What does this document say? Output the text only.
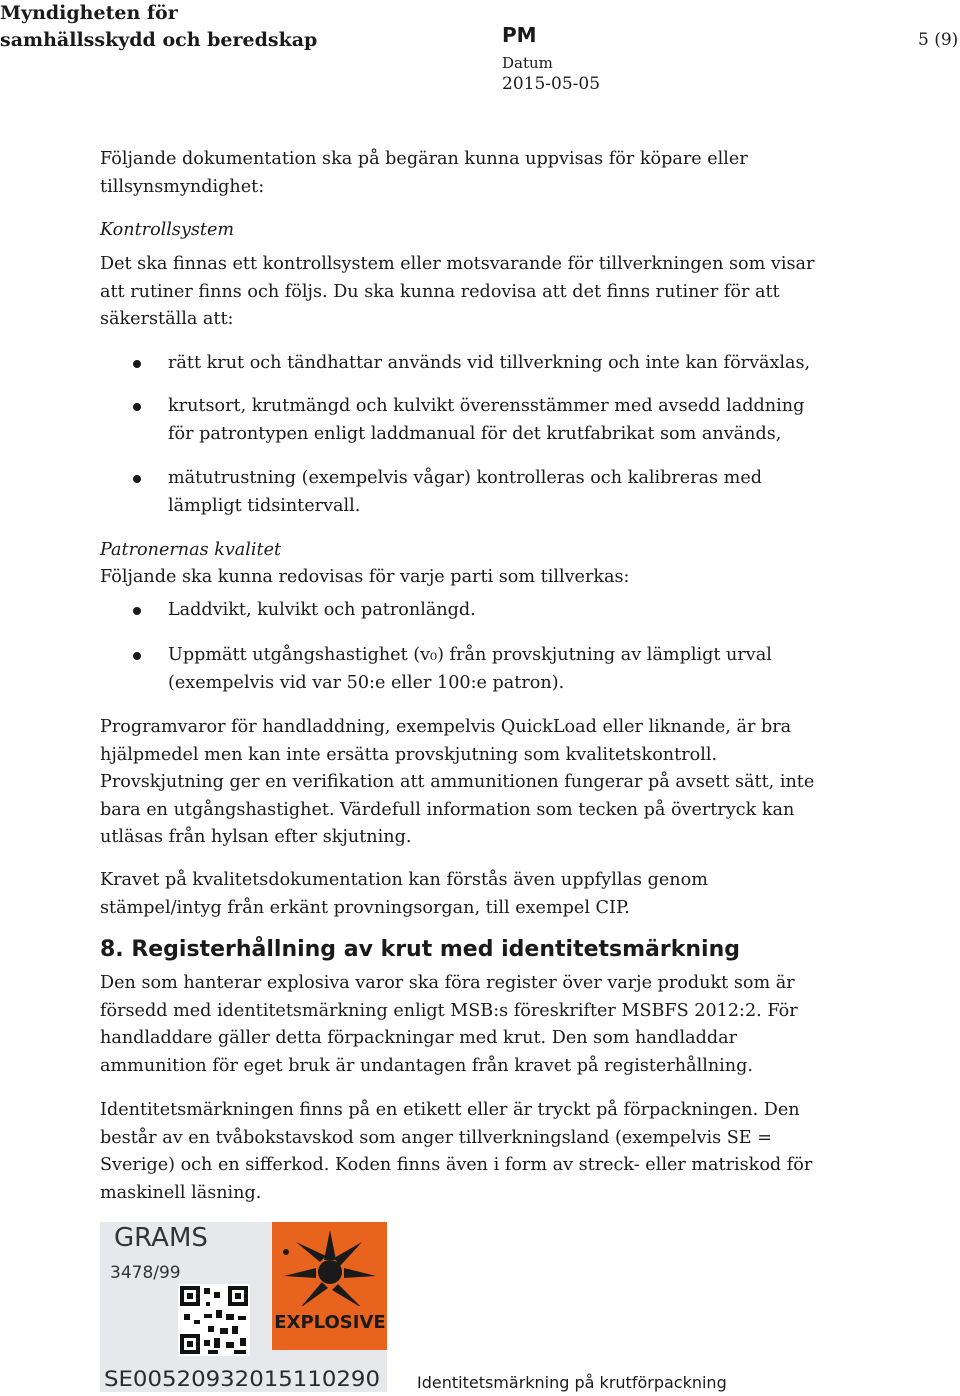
Myndigheten för
samhällsskydd och beredskap	PM
Datum
2015-05-05
5 (9)
Följande dokumentation ska på begäran kunna uppvisas för köpare eller tillsynsmyndighet:
Kontrollsystem
Det ska finnas ett kontrollsystem eller motsvarande för tillverkningen som visar att rutiner finns och följs. Du ska kunna redovisa att det finns rutiner för att säkerställa att:
rätt krut och tändhattar används vid tillverkning och inte kan förväxlas,
krutsort, krutmängd och kulvikt överensstämmer med avsedd laddning för patrontypen enligt laddmanual för det krutfabrikat som används,
mätutrustning (exempelvis vågar) kontrolleras och kalibreras med lämpligt tidsintervall.
Patronernas kvalitet
Följande ska kunna redovisas för varje parti som tillverkas:
Laddvikt, kulvikt och patronlängd.
Uppmätt utgångshastighet (v₀) från provskjutning av lämpligt urval (exempelvis vid var 50:e eller 100:e patron).
Programvaror för handladdning, exempelvis QuickLoad eller liknande, är bra hjälpmedel men kan inte ersätta provskjutning som kvalitetskontroll. Provskjutning ger en verifikation att ammunitionen fungerar på avsett sätt, inte bara en utgångshastighet. Värdefull information som tecken på övertryck kan utläsas från hylsan efter skjutning.
Kravet på kvalitetsdokumentation kan förstås även uppfyllas genom stämpel/intyg från erkänt provningsorgan, till exempel CIP.
8. Registerhållning av krut med identitetsmärkning
Den som hanterar explosiva varor ska föra register över varje produkt som är försedd med identitetsmärkning enligt MSB:s föreskrifter MSBFS 2012:2. För handladdare gäller detta förpackningar med krut. Den som handladdar ammunition för eget bruk är undantagen från kravet på registerhållning.
Identitetsmärkningen finns på en etikett eller är tryckt på förpackningen. Den består av en tvåbokstavskod som anger tillverkningsland (exempelvis SE = Sverige) och en sifferkod. Koden finns även i form av streck- eller matriskod för maskinell läsning.
EXPLOSIVE
GRAMS
3478/99
SE00520932015110290 Identitetsmärkning på krutförpackning
